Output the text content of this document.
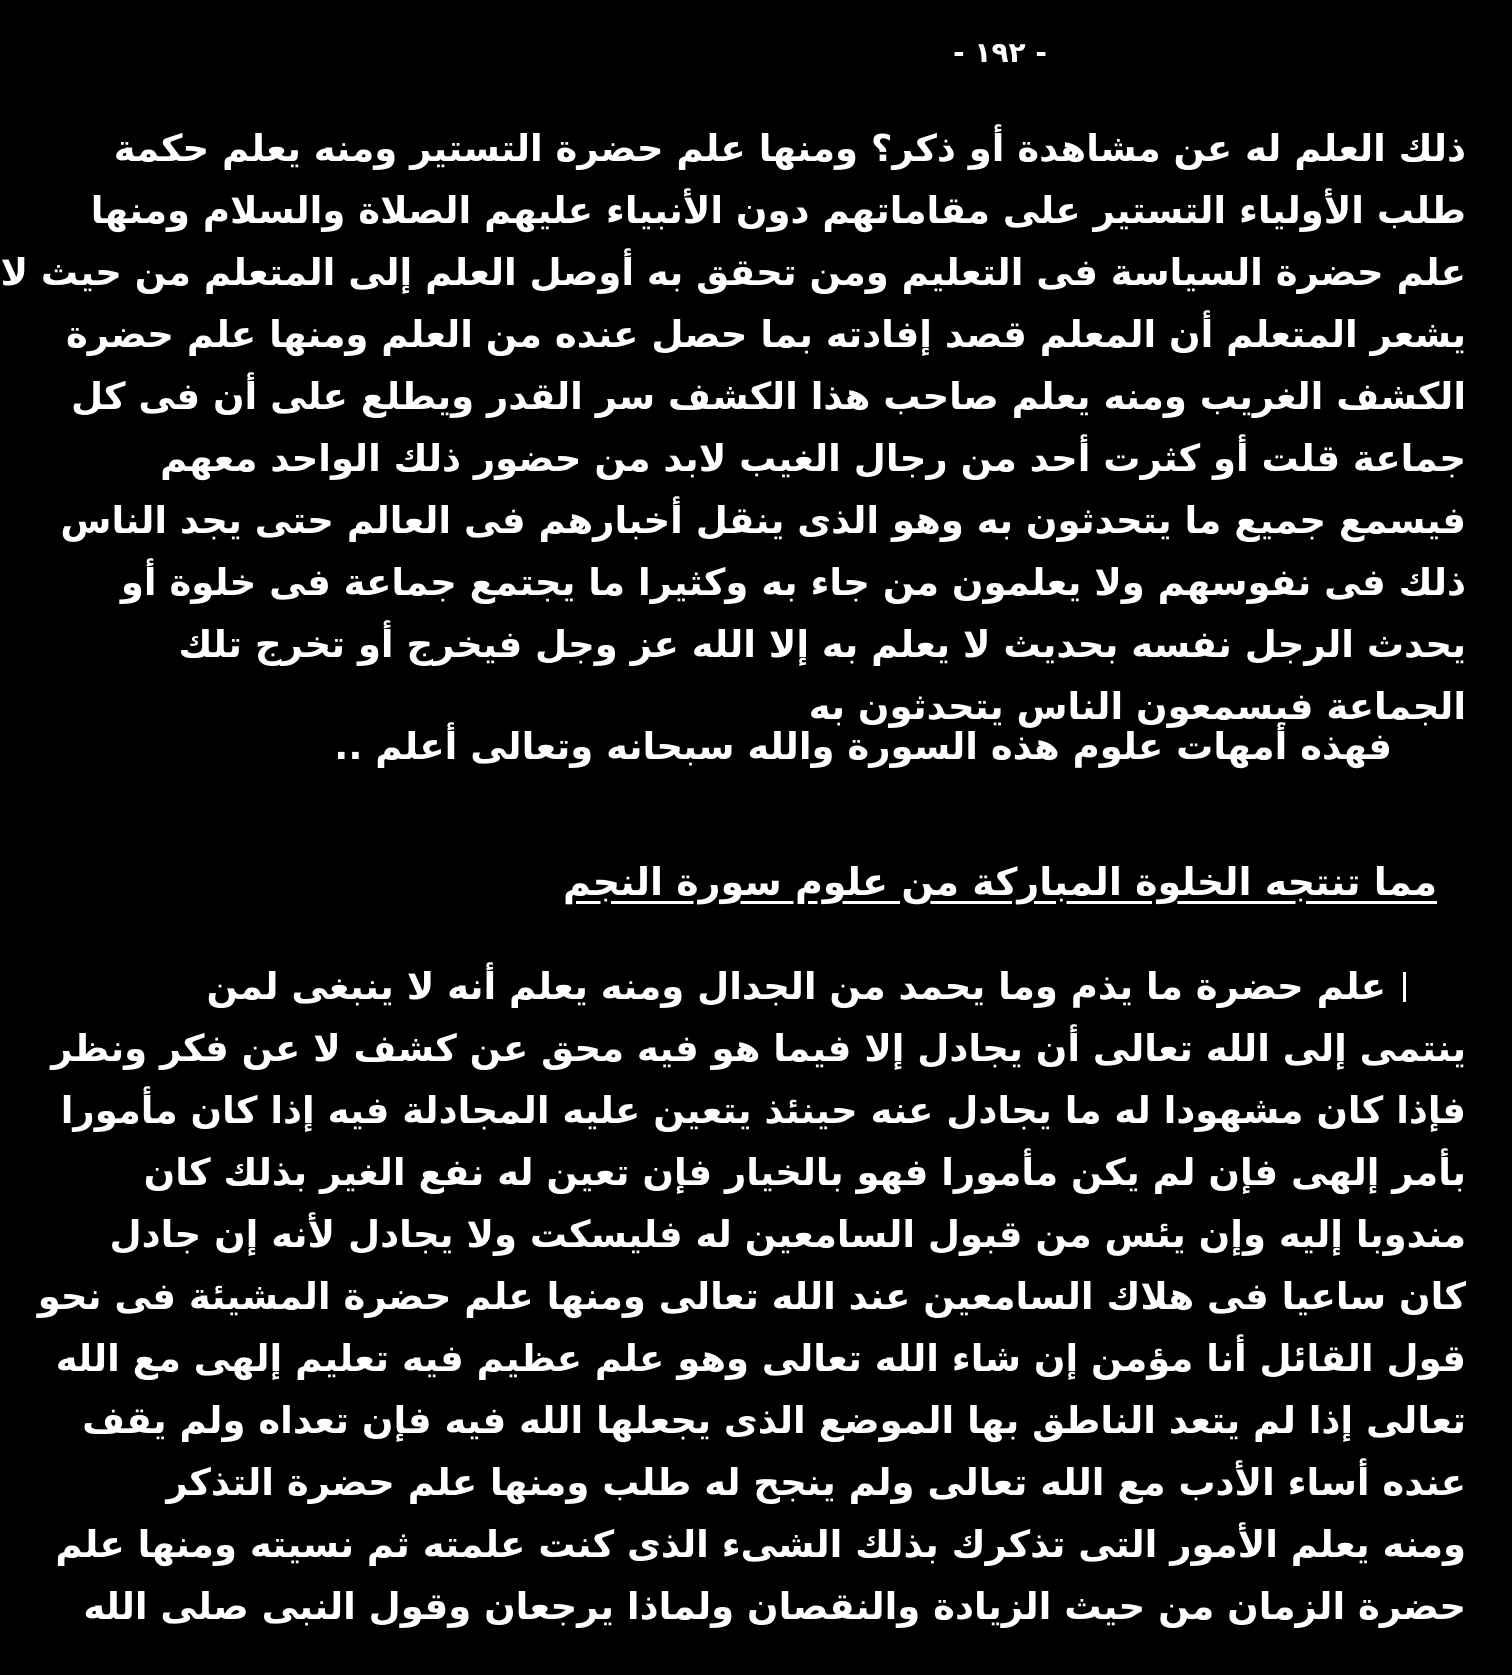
- ١٩٢ -
ذلك العلم له عن مشاهدة أو ذكر؟ ومنها علم حضرة التستير ومنه يعلم حكمة
طلب الأولياء التستير على مقاماتهم دون الأنبياء عليهم الصلاة والسلام ومنها
علم حضرة السياسة فى التعليم ومن تحقق به أوصل العلم إلى المتعلم من حيث لا
يشعر المتعلم أن المعلم قصد إفادته بما حصل عنده من العلم ومنها علم حضرة
الكشف الغريب ومنه يعلم صاحب هذا الكشف سر القدر ويطلع على أن فى كل
جماعة قلت أو كثرت أحد من رجال الغيب لابد من حضور ذلك الواحد معهم
فيسمع جميع ما يتحدثون به وهو الذى ينقل أخبارهم فى العالم حتى يجد الناس
ذلك فى نفوسهم ولا يعلمون من جاء به وكثيرا ما يجتمع جماعة فى خلوة أو
يحدث الرجل نفسه بحديث لا يعلم به إلا الله عز وجل فيخرج أو تخرج تلك
الجماعة فيسمعون الناس يتحدثون به
فهذه أمهات علوم هذه السورة والله سبحانه وتعالى أعلم ..
مما تنتجه الخلوة المباركة من علوم سورة النجم
علم حضرة ما يذم وما يحمد من الجدال ومنه يعلم أنه لا ينبغى لمن
ينتمى إلى الله تعالى أن يجادل إلا فيما هو فيه محق عن كشف لا عن فكر ونظر
فإذا كان مشهودا له ما يجادل عنه حينئذ يتعين عليه المجادلة فيه إذا كان مأمورا
بأمر إلهى فإن لم يكن مأمورا فهو بالخيار فإن تعين له نفع الغير بذلك كان
مندوبا إليه وإن يئس من قبول السامعين له فليسكت ولا يجادل لأنه إن جادل
كان ساعيا فى هلاك السامعين عند الله تعالى ومنها علم حضرة المشيئة فى نحو
قول القائل أنا مؤمن إن شاء الله تعالى وهو علم عظيم فيه تعليم إلهى مع الله
تعالى إذا لم يتعد الناطق بها الموضع الذى يجعلها الله فيه فإن تعداه ولم يقف
عنده أساء الأدب مع الله تعالى ولم ينجح له طلب ومنها علم حضرة التذكر
ومنه يعلم الأمور التى تذكرك بذلك الشىء الذى كنت علمته ثم نسيته ومنها علم
حضرة الزمان من حيث الزيادة والنقصان ولماذا يرجعان وقول النبى صلى الله
